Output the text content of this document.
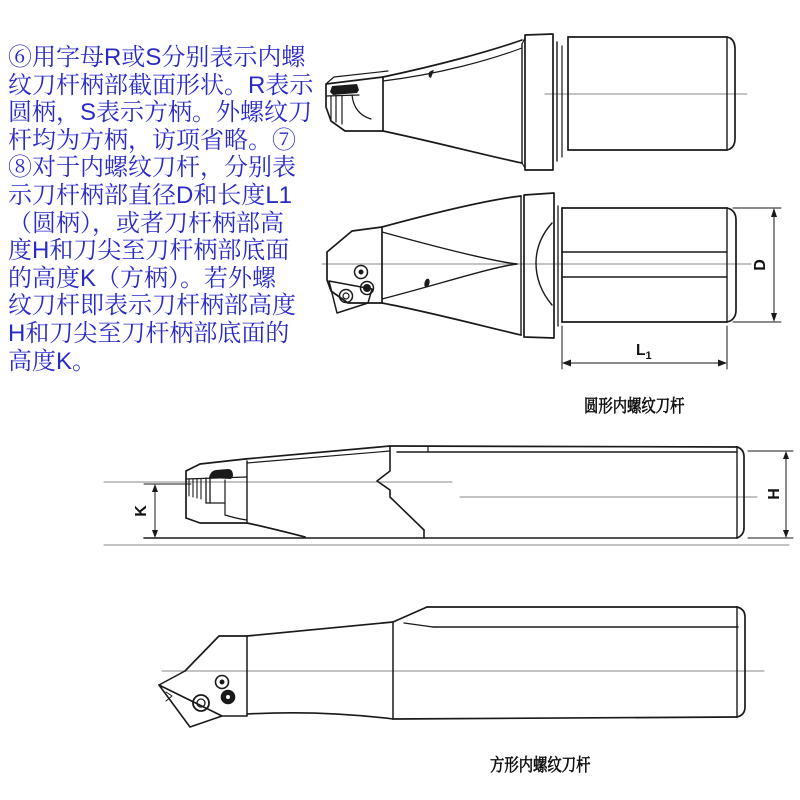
⑥用字母R或S分别表示内螺
纹刀杆柄部截面形状。R表示
圆柄，S表示方柄。外螺纹刀
杆均为方柄，访项省略。⑦
⑧对于内螺纹刀杆，分别表
示刀杆柄部直径D和长度L1
（圆柄），或者刀杆柄部高
度H和刀尖至刀杆柄部底面
的高度K（方柄）。若外螺
纹刀杆即表示刀杆柄部高度
H和刀尖至刀杆柄部底面的
高度K。
圆形内螺纹刀杆
方形内螺纹刀杆
D
$L_1$
K
H
